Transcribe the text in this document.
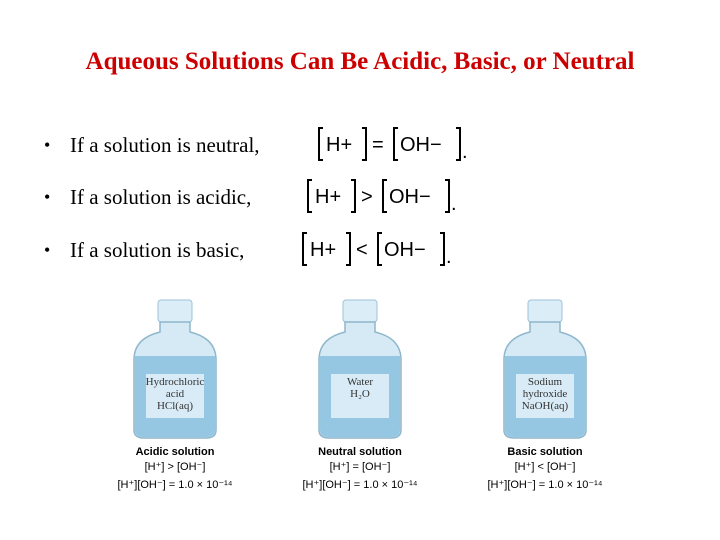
Aqueous Solutions Can Be Acidic, Basic, or Neutral
• If a solution is neutral,
• If a solution is acidic,
• If a solution is basic,
H+ = OH− .
H+ > OH− .
H+ < OH− .
Hydrochloric
acid
HCl(aq)
Acidic solution
[H⁺] > [OH⁻]
[H⁺][OH⁻] = 1.0 × 10⁻¹⁴
Water
H₂O
Neutral solution
[H⁺] = [OH⁻]
[H⁺][OH⁻] = 1.0 × 10⁻¹⁴
Sodium
hydroxide
NaOH(aq)
Basic solution
[H⁺] < [OH⁻]
[H⁺][OH⁻] = 1.0 × 10⁻¹⁴
